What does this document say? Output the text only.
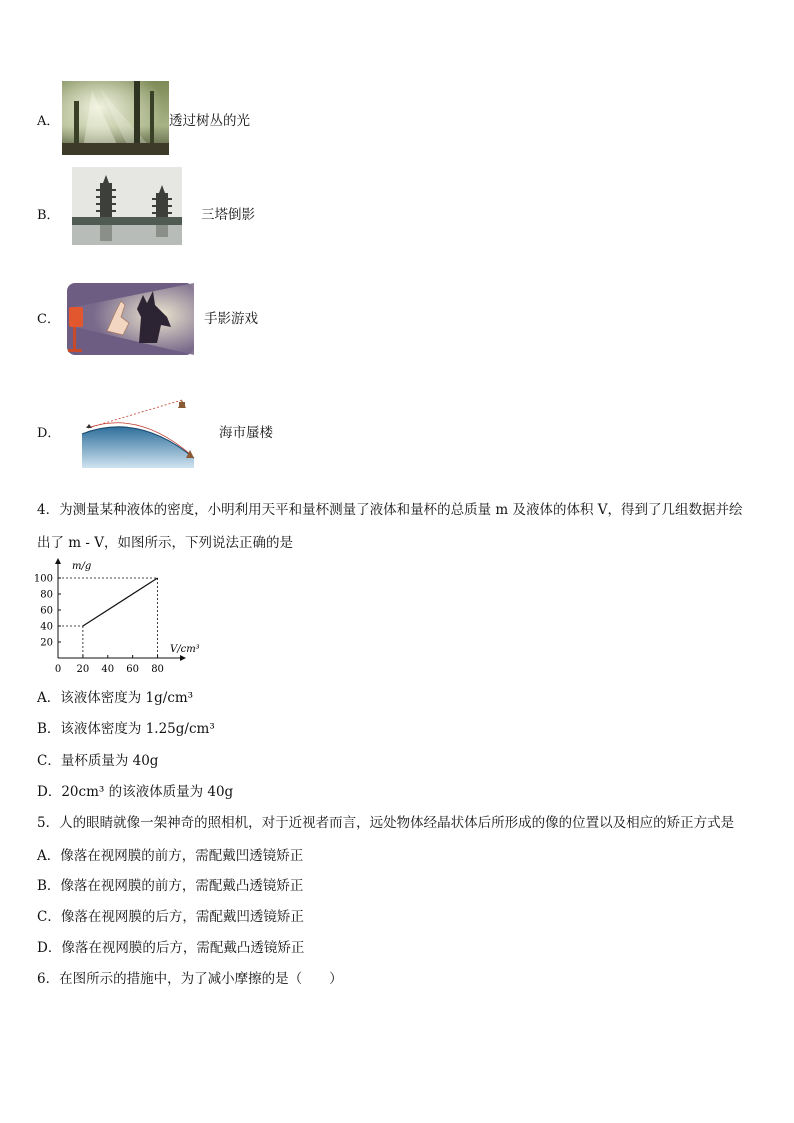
A．	透过树丛的光
B．	三塔倒影
C．	手影游戏
D．	海市蜃楼
4．为测量某种液体的密度，小明利用天平和量杯测量了液体和量杯的总质量 m 及液体的体积 V，得到了几组数据并绘
出了 m - V，如图所示，下列说法正确的是
0 20 40 60 80
20
40
60
80
100
m/g
V/cm³
A．该液体密度为 1g/cm³
B．该液体密度为 1.25g/cm³
C．量杯质量为 40g
D．20cm³ 的该液体质量为 40g
5．人的眼睛就像一架神奇的照相机，对于近视者而言，远处物体经晶状体后所形成的像的位置以及相应的矫正方式是
A．像落在视网膜的前方，需配戴凹透镜矫正
B．像落在视网膜的前方，需配戴凸透镜矫正
C．像落在视网膜的后方，需配戴凹透镜矫正
D．像落在视网膜的后方，需配戴凸透镜矫正
6．在图所示的措施中，为了减小摩擦的是（　　）
